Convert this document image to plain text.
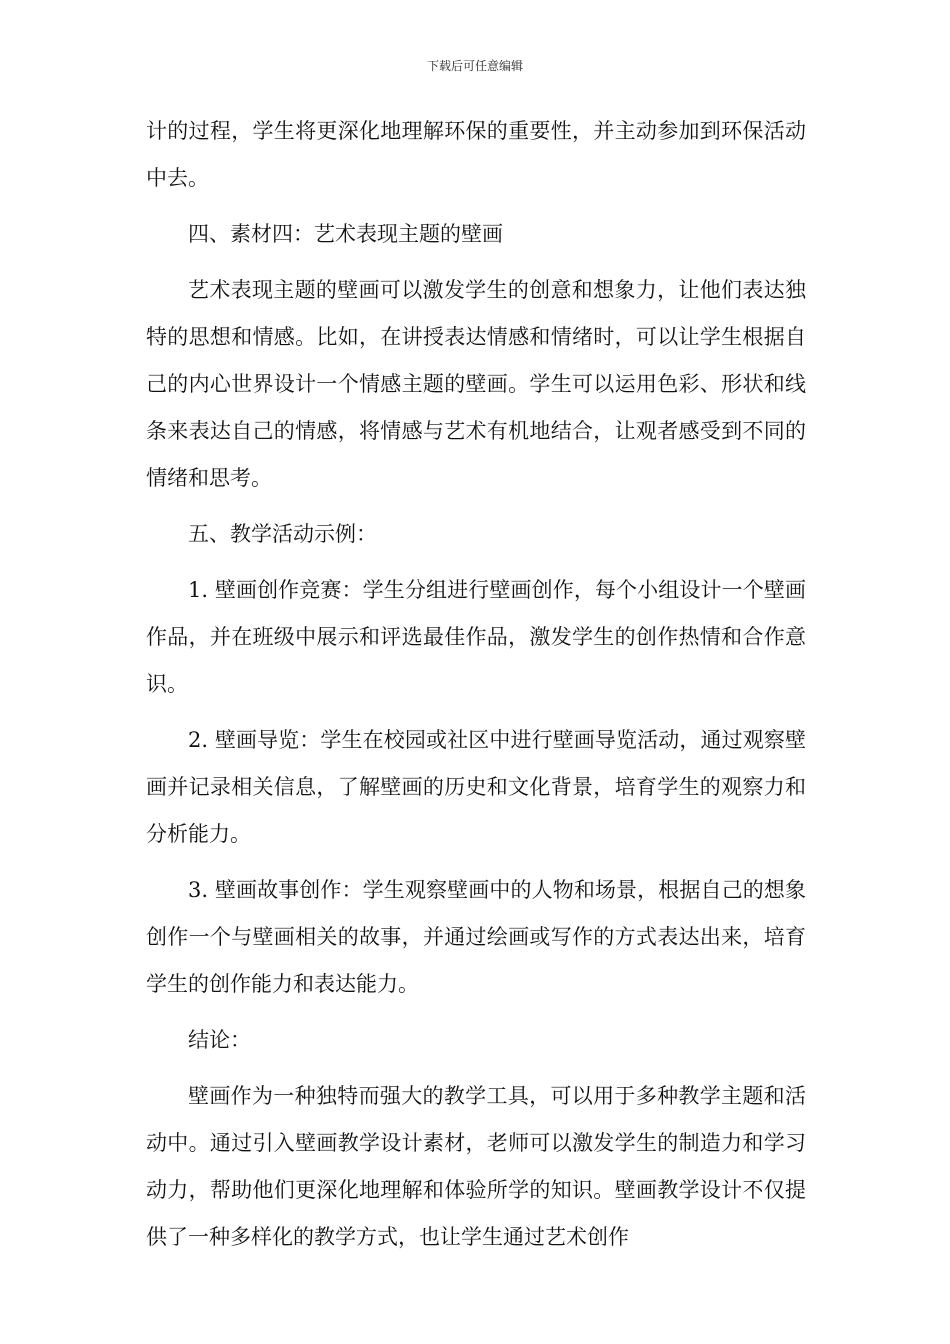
下载后可任意编辑

计的过程，学生将更深化地理解环保的重要性，并主动参加到环保活动中去。

四、素材四：艺术表现主题的壁画

艺术表现主题的壁画可以激发学生的创意和想象力，让他们表达独特的思想和情感。比如，在讲授表达情感和情绪时，可以让学生根据自己的内心世界设计一个情感主题的壁画。学生可以运用色彩、形状和线条来表达自己的情感，将情感与艺术有机地结合，让观者感受到不同的情绪和思考。

五、教学活动示例：

1. 壁画创作竞赛：学生分组进行壁画创作，每个小组设计一个壁画作品，并在班级中展示和评选最佳作品，激发学生的创作热情和合作意识。

2. 壁画导览：学生在校园或社区中进行壁画导览活动，通过观察壁画并记录相关信息，了解壁画的历史和文化背景，培育学生的观察力和分析能力。

3. 壁画故事创作：学生观察壁画中的人物和场景，根据自己的想象创作一个与壁画相关的故事，并通过绘画或写作的方式表达出来，培育学生的创作能力和表达能力。

结论：

壁画作为一种独特而强大的教学工具，可以用于多种教学主题和活动中。通过引入壁画教学设计素材，老师可以激发学生的制造力和学习动力，帮助他们更深化地理解和体验所学的知识。壁画教学设计不仅提供了一种多样化的教学方式，也让学生通过艺术创作
